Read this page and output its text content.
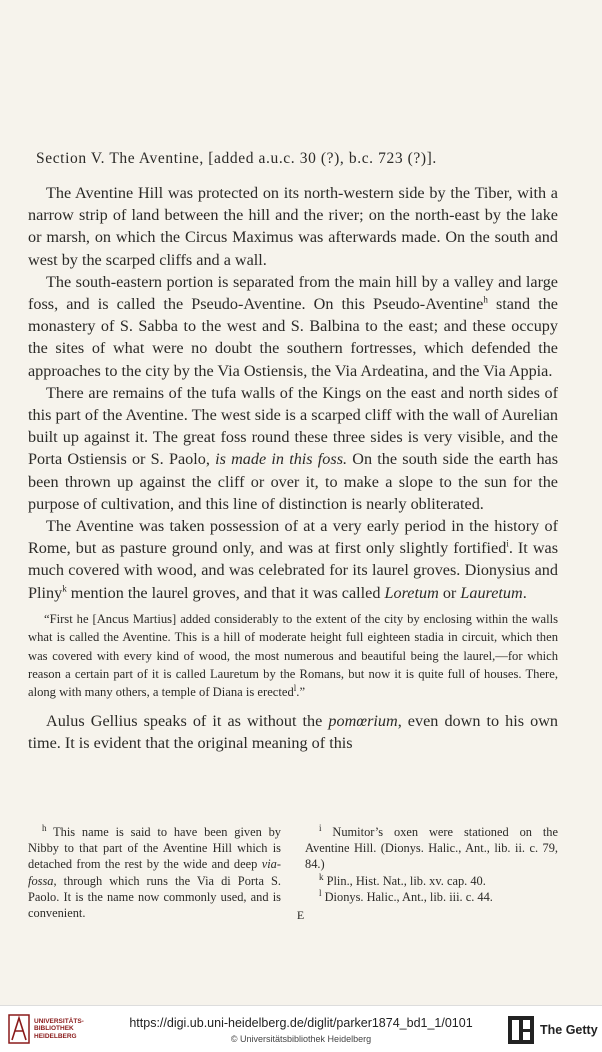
Section V. The Aventine, [added a.u.c. 30 (?), b.c. 723 (?)].

The Aventine Hill was protected on its north-western side by the Tiber, with a narrow strip of land between the hill and the river; on the north-east by the lake or marsh, on which the Circus Maximus was afterwards made. On the south and west by the scarped cliffs and a wall.

The south-eastern portion is separated from the main hill by a valley and large foss, and is called the Pseudo-Aventine. On this Pseudo-Aventine$^h$ stand the monastery of S. Sabba to the west and S. Balbina to the east; and these occupy the sites of what were no doubt the southern fortresses, which defended the approaches to the city by the Via Ostiensis, the Via Ardeatina, and the Via Appia.

There are remains of the tufa walls of the Kings on the east and north sides of this part of the Aventine. The west side is a scarped cliff with the wall of Aurelian built up against it. The great foss round these three sides is very visible, and the Porta Ostiensis or S. Paolo, is made in this foss. On the south side the earth has been thrown up against the cliff or over it, to make a slope to the sun for the purpose of cultivation, and this line of distinction is nearly obliterated.

The Aventine was taken possession of at a very early period in the history of Rome, but as pasture ground only, and was at first only slightly fortified$^i$. It was much covered with wood, and was celebrated for its laurel groves. Dionysius and Pliny$^k$ mention the laurel groves, and that it was called Loretum or Lauretum.

“First he [Ancus Martius] added considerably to the extent of the city by enclosing within the walls what is called the Aventine. This is a hill of moderate height full eighteen stadia in circuit, which then was covered with every kind of wood, the most numerous and beautiful being the laurel,—for which reason a certain part of it is called Lauretum by the Romans, but now it is quite full of houses. There, along with many others, a temple of Diana is erected$^l$.”

Aulus Gellius speaks of it as without the pomœrium, even down to his own time. It is evident that the original meaning of this

$^h$ This name is said to have been given by Nibby to that part of the Aventine Hill which is detached from the rest by the wide and deep via-fossa, through which runs the Via di Porta S. Paolo. It is the name now commonly used, and is convenient.

$^i$ Numitor’s oxen were stationed on the Aventine Hill. (Dionys. Halic., Ant., lib. ii. c. 79, 84.)

$^k$ Plin., Hist. Nat., lib. xv. cap. 40.

$^l$ Dionys. Halic., Ant., lib. iii. c. 44.

E
UNIVERSITÄTS-
BIBLIOTHEK
HEIDELBERG
https://digi.ub.uni-heidelberg.de/diglit/parker1874_bd1_1/0101
© Universitätsbibliothek Heidelberg
The Getty
